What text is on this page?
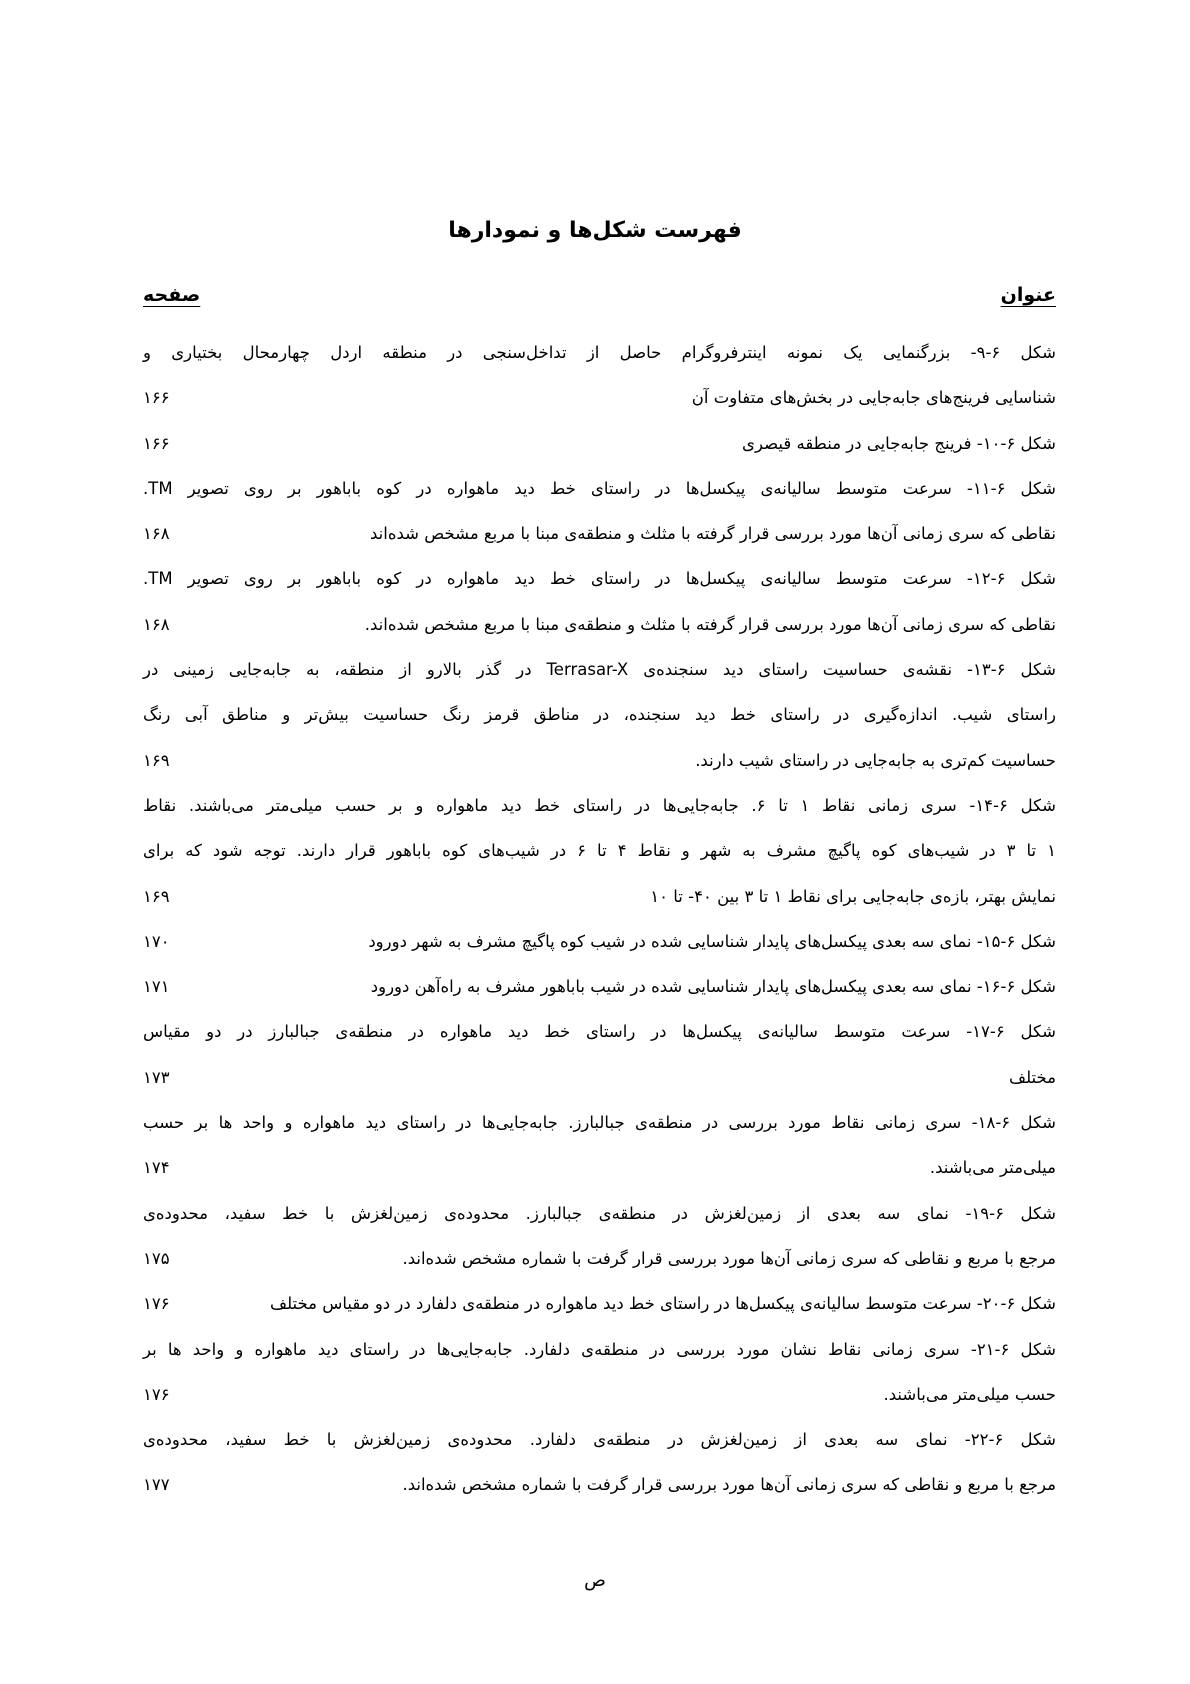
فهرست شکل‌ها و نمودارها
عنوان
صفحه
شکل ۶-۹- بزرگنمایی یک نمونه اینترفروگرام حاصل از تداخل‌سنجی در منطقه اردل چهارمحال بختیاری و
شناسایی فرینج‌های جابه‌جایی در بخش‌های متفاوت آن
۱۶۶
شکل ۶-۱۰- فرینج جابه‌جایی در منطقه قیصری
۱۶۶
شکل ۶-۱۱- سرعت متوسط سالیانه‌ی پیکسل‌ها در راستای خط دید ماهواره در کوه باباهور بر روی تصویر TM.
نقاطی که سری زمانی آن‌ها مورد بررسی قرار گرفته با مثلث و منطقه‌ی مبنا با مربع مشخص شده‌اند
۱۶۸
شکل ۶-۱۲- سرعت متوسط سالیانه‌ی پیکسل‌ها در راستای خط دید ماهواره در کوه باباهور بر روی تصویر TM.
نقاطی که سری زمانی آن‌ها مورد بررسی قرار گرفته با مثلث و منطقه‌ی مبنا با مربع مشخص شده‌اند.
۱۶۸
شکل ۶-۱۳- نقشه‌ی حساسیت راستای دید سنجنده‌ی Terrasar-X در گذر بالارو از منطقه، به جابه‌جایی زمینی در
راستای شیب. اندازه‌گیری در راستای خط دید سنجنده، در مناطق قرمز رنگ حساسیت بیش‌تر و مناطق آبی رنگ
حساسیت کم‌تری به جابه‌جایی در راستای شیب دارند.
۱۶۹
شکل ۶-۱۴- سری زمانی نقاط ۱ تا ۶. جابه‌جایی‌ها در راستای خط دید ماهواره و بر حسب میلی‌متر می‌باشند. نقاط
۱ تا ۳ در شیب‌های کوه پاگیچ مشرف به شهر و نقاط ۴ تا ۶ در شیب‌های کوه باباهور قرار دارند. توجه شود که برای
نمایش بهتر، بازه‌ی جابه‌جایی برای نقاط ۱ تا ۳ بین ۴۰- تا ۱۰
۱۶۹
شکل ۶-۱۵- نمای سه بعدی پیکسل‌های پایدار شناسایی شده در شیب کوه پاگیچ مشرف به شهر دورود
۱۷۰
شکل ۶-۱۶- نمای سه بعدی پیکسل‌های پایدار شناسایی شده در شیب باباهور مشرف به راه‌آهن دورود
۱۷۱
شکل ۶-۱۷- سرعت متوسط سالیانه‌ی پیکسل‌ها در راستای خط دید ماهواره در منطقه‌ی جبالبارز در دو مقیاس
مختلف
۱۷۳
شکل ۶-۱۸- سری زمانی نقاط مورد بررسی در منطقه‌ی جبالبارز. جابه‌جایی‌ها در راستای دید ماهواره و واحد ها بر حسب
میلی‌متر می‌باشند.
۱۷۴
شکل ۶-۱۹- نمای سه بعدی از زمین‌لغزش در منطقه‌ی جبالبارز. محدوده‌ی زمین‌لغزش با خط سفید، محدوده‌ی
مرجع با مربع و نقاطی که سری زمانی آن‌ها مورد بررسی قرار گرفت با شماره مشخص شده‌اند.
۱۷۵
شکل ۶-۲۰- سرعت متوسط سالیانه‌ی پیکسل‌ها در راستای خط دید ماهواره در منطقه‌ی دلفارد در دو مقیاس مختلف
۱۷۶
شکل ۶-۲۱- سری زمانی نقاط نشان مورد بررسی در منطقه‌ی دلفارد. جابه‌جایی‌ها در راستای دید ماهواره و واحد ها بر
حسب میلی‌متر می‌باشند.
۱۷۶
شکل ۶-۲۲- نمای سه بعدی از زمین‌لغزش در منطقه‌ی دلفارد. محدوده‌ی زمین‌لغزش با خط سفید، محدوده‌ی
مرجع با مربع و نقاطی که سری زمانی آن‌ها مورد بررسی قرار گرفت با شماره مشخص شده‌اند.
۱۷۷
ص
